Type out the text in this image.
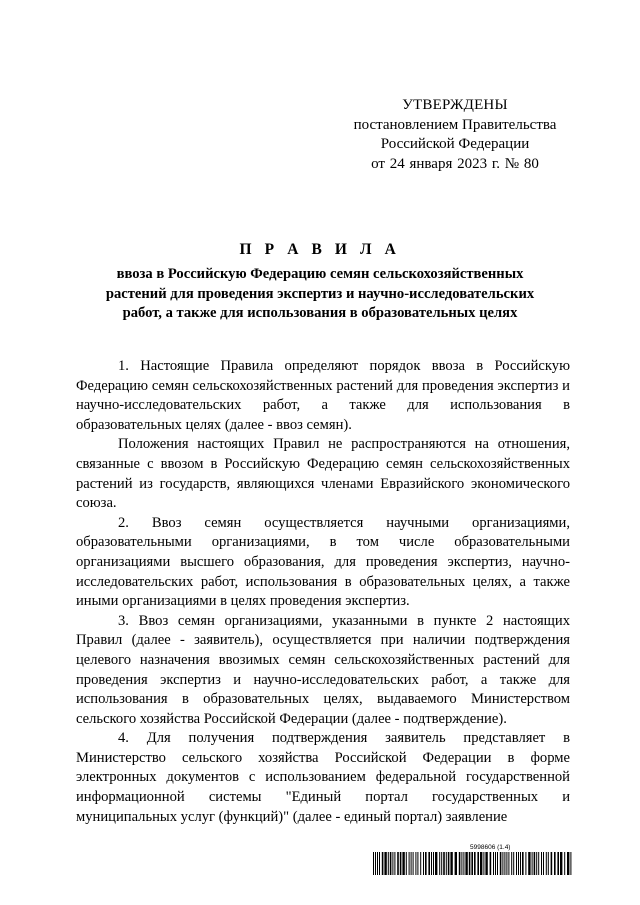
УТВЕРЖДЕНЫ
постановлением Правительства
Российской Федерации
от 24 января 2023 г. № 80
П Р А В И Л А
ввоза в Российскую Федерацию семян сельскохозяйственных растений для проведения экспертиз и научно-исследовательских работ, а также для использования в образовательных целях

1. Настоящие Правила определяют порядок ввоза в Российскую Федерацию семян сельскохозяйственных растений для проведения экспертиз и научно-исследовательских работ, а также для использования в образовательных целях (далее - ввоз семян).

Положения настоящих Правил не распространяются на отношения, связанные с ввозом в Российскую Федерацию семян сельскохозяйственных растений из государств, являющихся членами Евразийского экономического союза.

2. Ввоз семян осуществляется научными организациями, образовательными организациями, в том числе образовательными организациями высшего образования, для проведения экспертиз, научно-исследовательских работ, использования в образовательных целях, а также иными организациями в целях проведения экспертиз.

3. Ввоз семян организациями, указанными в пункте 2 настоящих Правил (далее - заявитель), осуществляется при наличии подтверждения целевого назначения ввозимых семян сельскохозяйственных растений для проведения экспертиз и научно-исследовательских работ, а также для использования в образовательных целях, выдаваемого Министерством сельского хозяйства Российской Федерации (далее - подтверждение).

4. Для получения подтверждения заявитель представляет в Министерство сельского хозяйства Российской Федерации в форме электронных документов с использованием федеральной государственной информационной системы "Единый портал государственных и муниципальных услуг (функций)" (далее - единый портал) заявление

5998606 (1.4)
